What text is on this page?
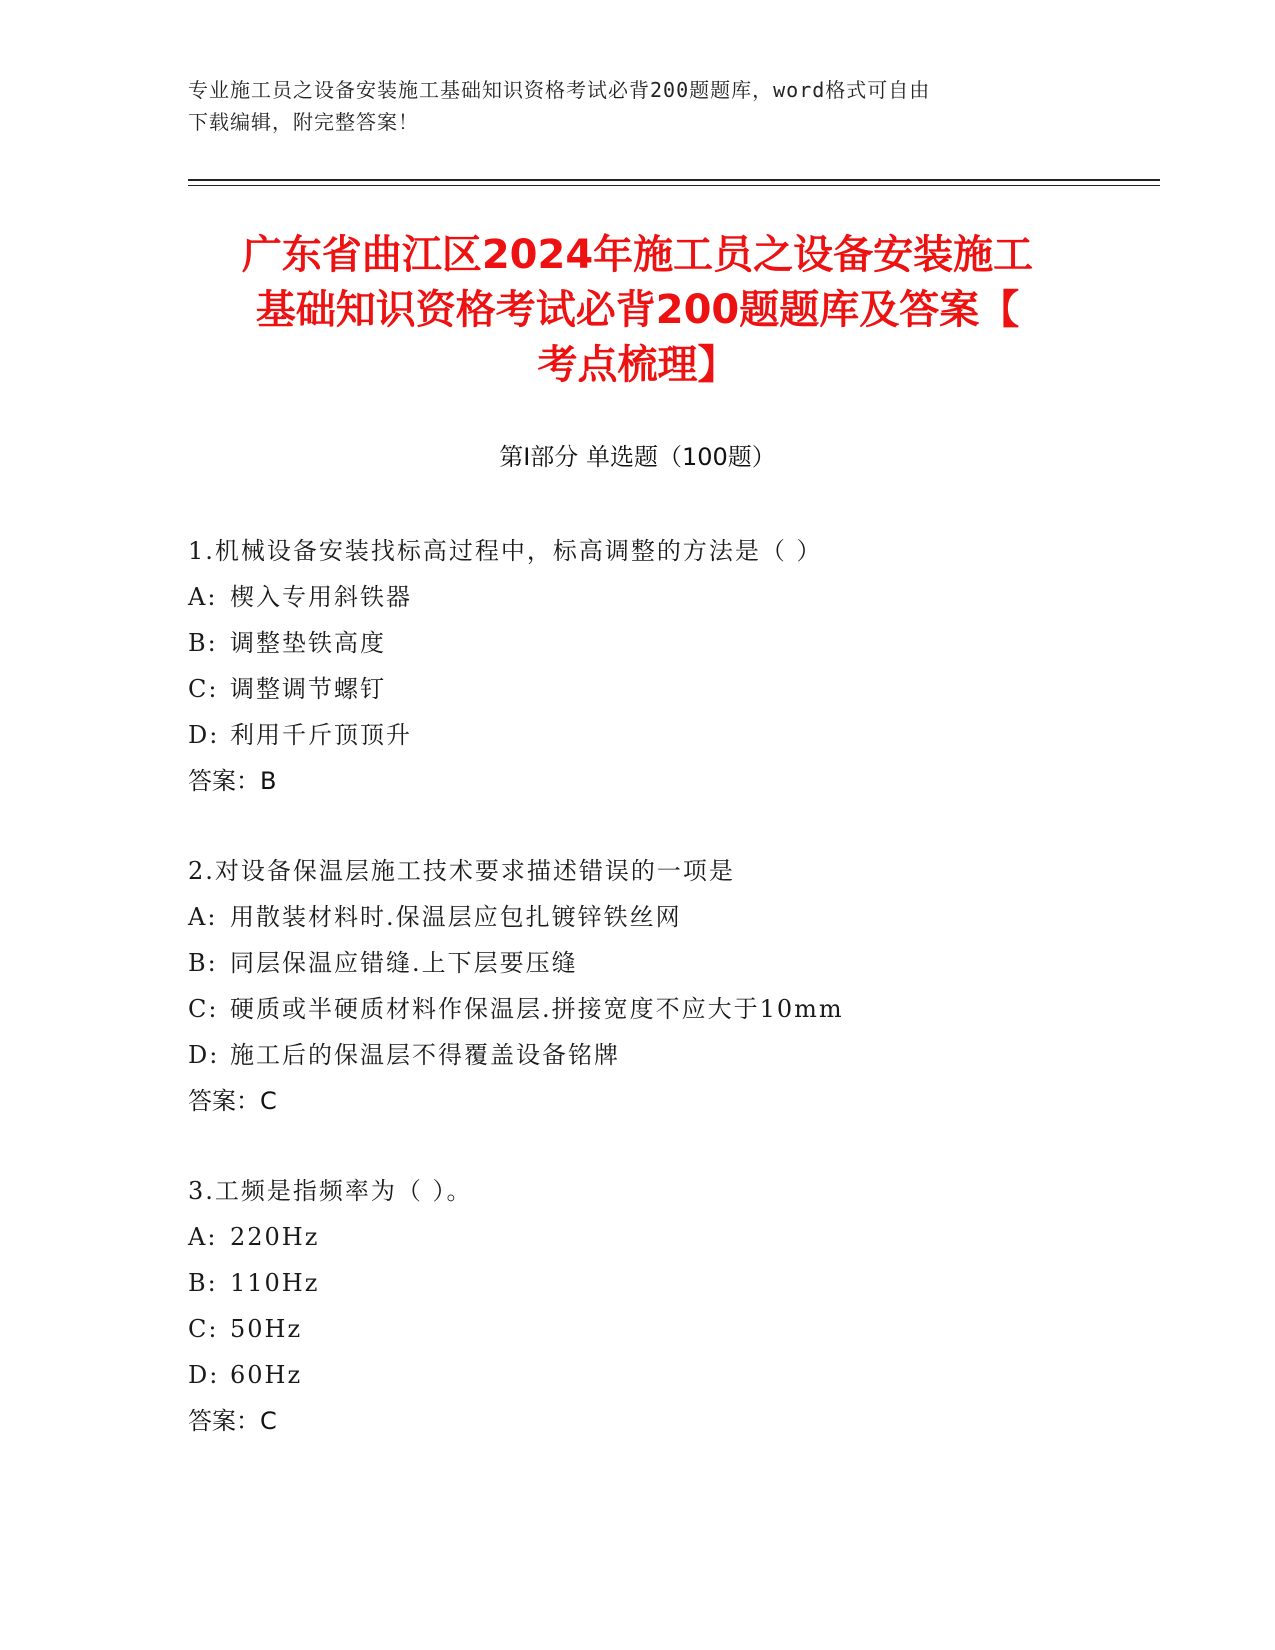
专业施工员之设备安装施工基础知识资格考试必背200题题库，word格式可自由
下载编辑，附完整答案！
广东省曲江区2024年施工员之设备安装施工
基础知识资格考试必背200题题库及答案【
考点梳理】
第Ⅰ部分 单选题（100题）
1.机械设备安装找标高过程中，标高调整的方法是（ ）
A: 楔入专用斜铁器
B: 调整垫铁高度
C: 调整调节螺钉
D: 利用千斤顶顶升
答案：B
2.对设备保温层施工技术要求描述错误的一项是
A: 用散装材料时.保温层应包扎镀锌铁丝网
B: 同层保温应错缝.上下层要压缝
C: 硬质或半硬质材料作保温层.拼接宽度不应大于10mm
D: 施工后的保温层不得覆盖设备铭牌
答案：C
3.工频是指频率为（ ）。
A: 220Hz
B: 110Hz
C: 50Hz
D: 60Hz
答案：C
